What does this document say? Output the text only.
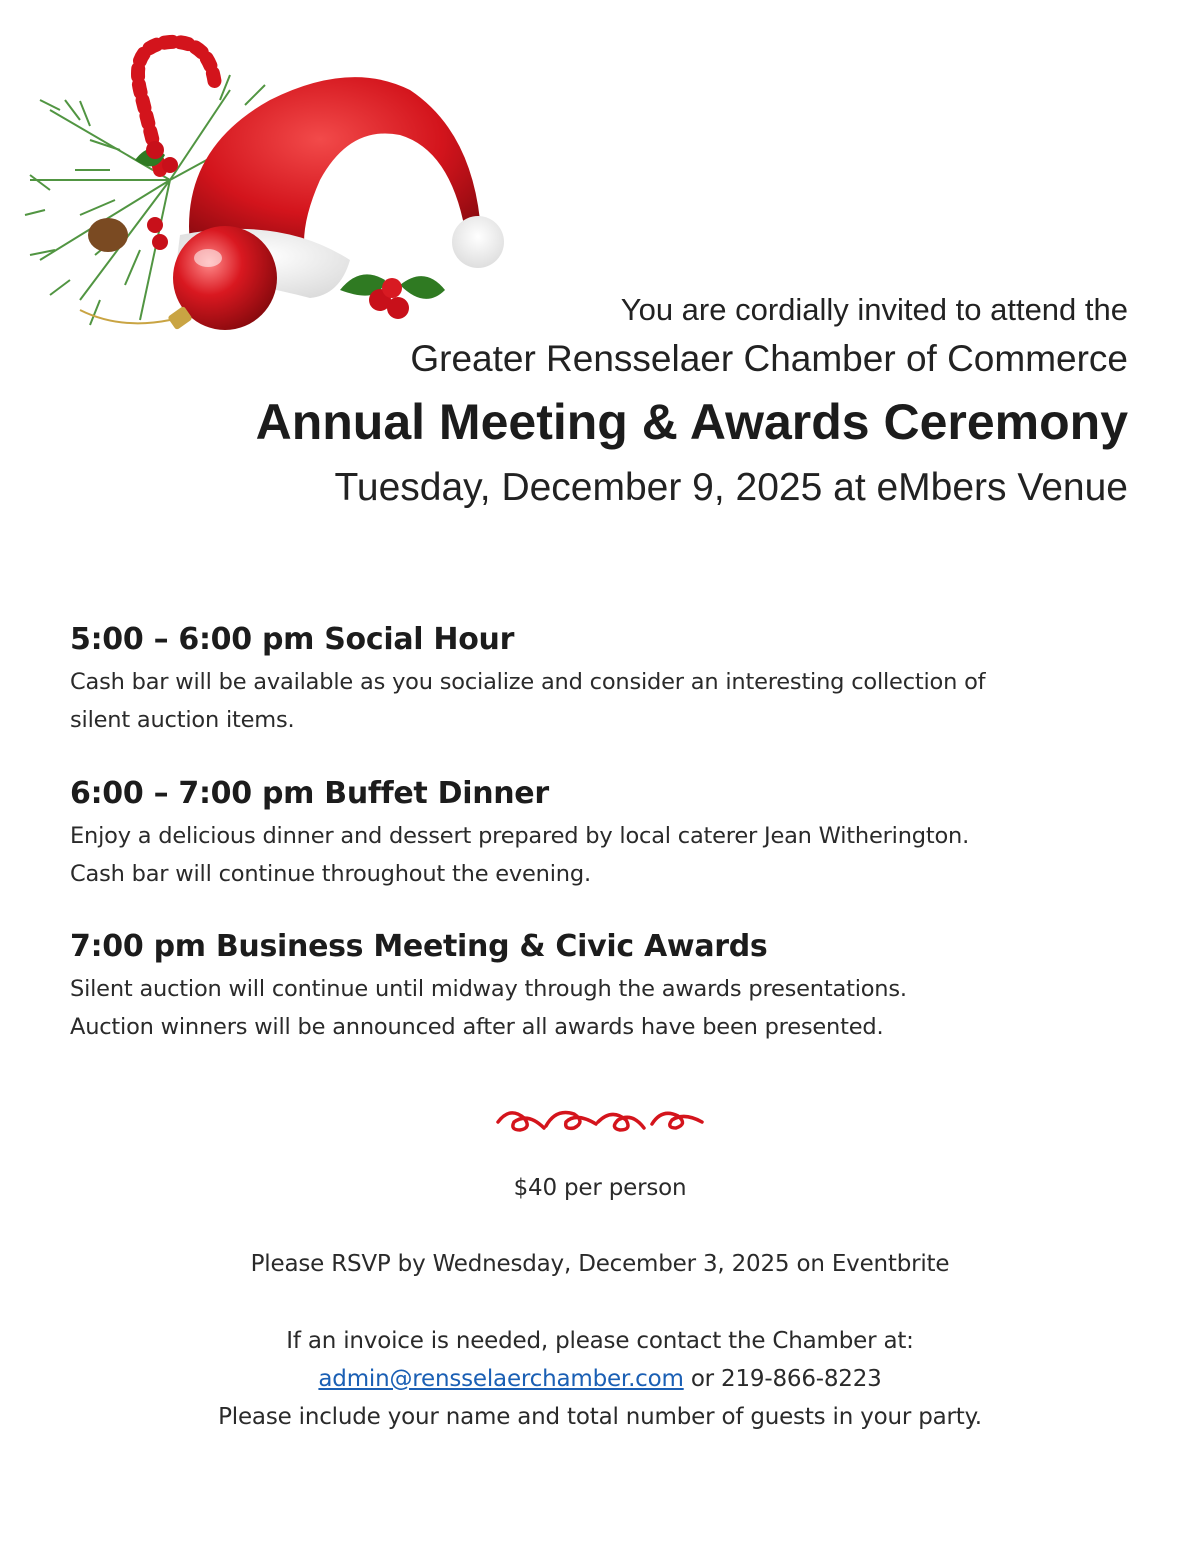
You are cordially invited to attend the
Greater Rensselaer Chamber of Commerce
Annual Meeting & Awards Ceremony
Tuesday, December 9, 2025 at eMbers Venue
5:00 – 6:00 pm Social Hour

Cash bar will be available as you socialize and consider an interesting collection of
silent auction items.

6:00 – 7:00 pm Buffet Dinner

Enjoy a delicious dinner and dessert prepared by local caterer Jean Witherington.
Cash bar will continue throughout the evening.

7:00 pm Business Meeting & Civic Awards

Silent auction will continue until midway through the awards presentations.
Auction winners will be announced after all awards have been presented.

$40 per person
Please RSVP by Wednesday, December 3, 2025 on Eventbrite
If an invoice is needed, please contact the Chamber at:
admin@rensselaerchamber.com or 219-866-8223
Please include your name and total number of guests in your party.
